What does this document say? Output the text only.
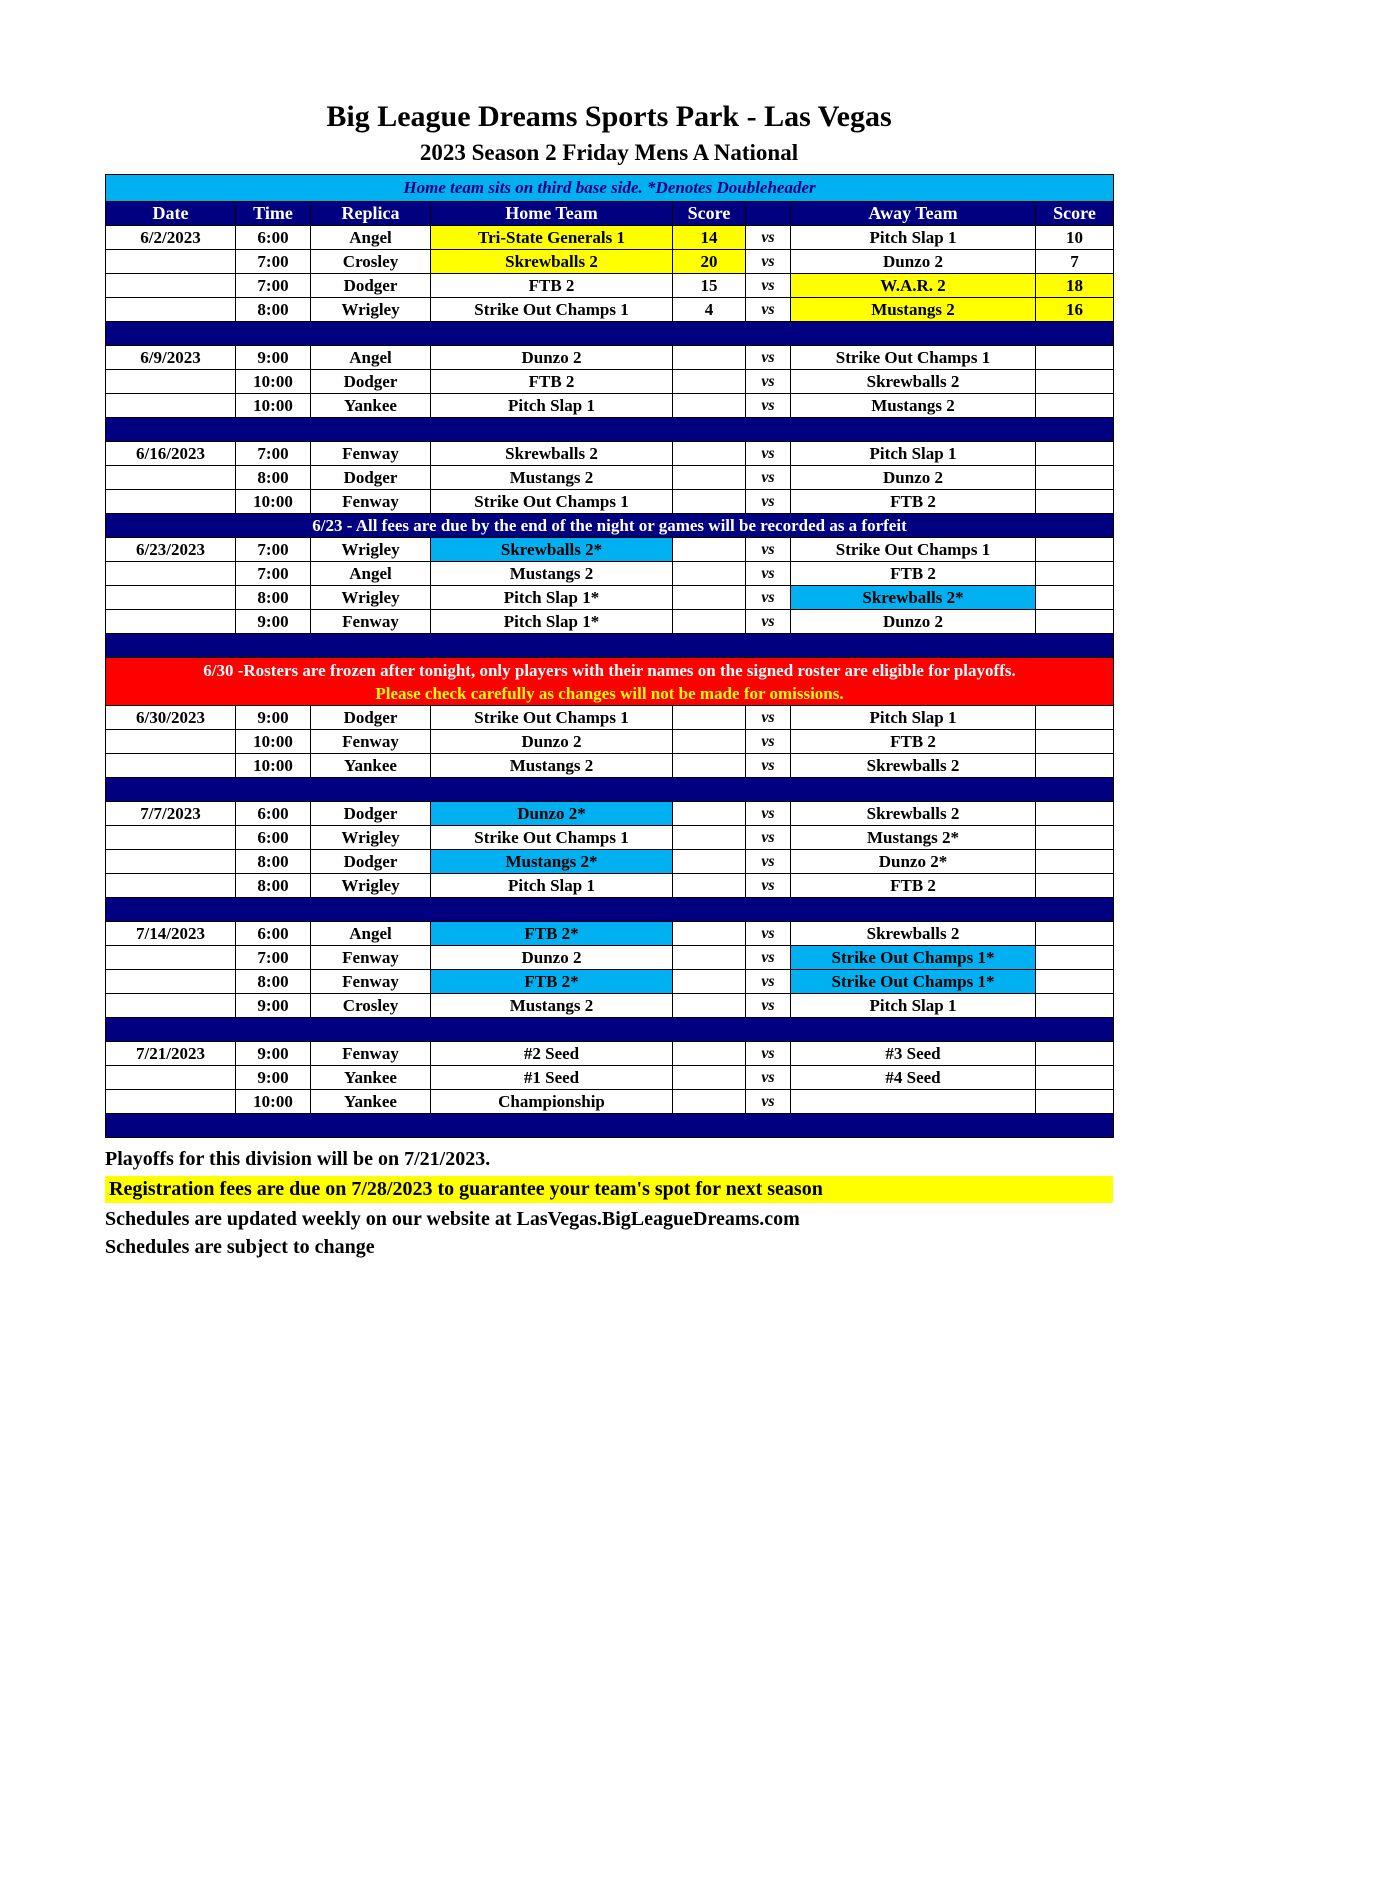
Big League Dreams Sports Park - Las Vegas
2023 Season 2 Friday Mens A National
Home team sits on third base side. *Denotes Doubleheader							
Date	Time	Replica	Home Team	Score		Away Team	Score
6/2/2023	6:00	Angel	Tri-State Generals 1	14	vs	Pitch Slap 1	10
	7:00	Crosley	Skrewballs 2	20	vs	Dunzo 2	7
	7:00	Dodger	FTB 2	15	vs	W.A.R. 2	18
	8:00	Wrigley	Strike Out Champs 1	4	vs	Mustangs 2	16

6/9/2023	9:00	Angel	Dunzo 2		vs	Strike Out Champs 1	
	10:00	Dodger	FTB 2		vs	Skrewballs 2	
	10:00	Yankee	Pitch Slap 1		vs	Mustangs 2	

6/16/2023	7:00	Fenway	Skrewballs 2		vs	Pitch Slap 1	
	8:00	Dodger	Mustangs 2		vs	Dunzo 2	
	10:00	Fenway	Strike Out Champs 1		vs	FTB 2	
6/23 - All fees are due by the end of the night or games will be recorded as a forfeit							
6/23/2023	7:00	Wrigley	Skrewballs 2*		vs	Strike Out Champs 1	
	7:00	Angel	Mustangs 2		vs	FTB 2	
	8:00	Wrigley	Pitch Slap 1*		vs	Skrewballs 2*	
	9:00	Fenway	Pitch Slap 1*		vs	Dunzo 2	

6/30 -Rosters are frozen after tonight, only players with their names on the signed roster are eligible for playoffs.
Please check carefully as changes will not be made for omissions.							

6/30/2023	9:00	Dodger	Strike Out Champs 1		vs	Pitch Slap 1	
	10:00	Fenway	Dunzo 2		vs	FTB 2	
	10:00	Yankee	Mustangs 2		vs	Skrewballs 2	

7/7/2023	6:00	Dodger	Dunzo 2*		vs	Skrewballs 2	
	6:00	Wrigley	Strike Out Champs 1		vs	Mustangs 2*	
	8:00	Dodger	Mustangs 2*		vs	Dunzo 2*	
	8:00	Wrigley	Pitch Slap 1		vs	FTB 2	

7/14/2023	6:00	Angel	FTB 2*		vs	Skrewballs 2	
	7:00	Fenway	Dunzo 2		vs	Strike Out Champs 1*	
	8:00	Fenway	FTB 2*		vs	Strike Out Champs 1*	
	9:00	Crosley	Mustangs 2		vs	Pitch Slap 1	

7/21/2023	9:00	Fenway	#2 Seed		vs	#3 Seed	
	9:00	Yankee	#1 Seed		vs	#4 Seed	
	10:00	Yankee	Championship		vs		

Playoffs for this division will be on 7/21/2023.

Registration fees are due on 7/28/2023 to guarantee your team's spot for next season

Schedules are updated weekly on our website at LasVegas.BigLeagueDreams.com

Schedules are subject to change
